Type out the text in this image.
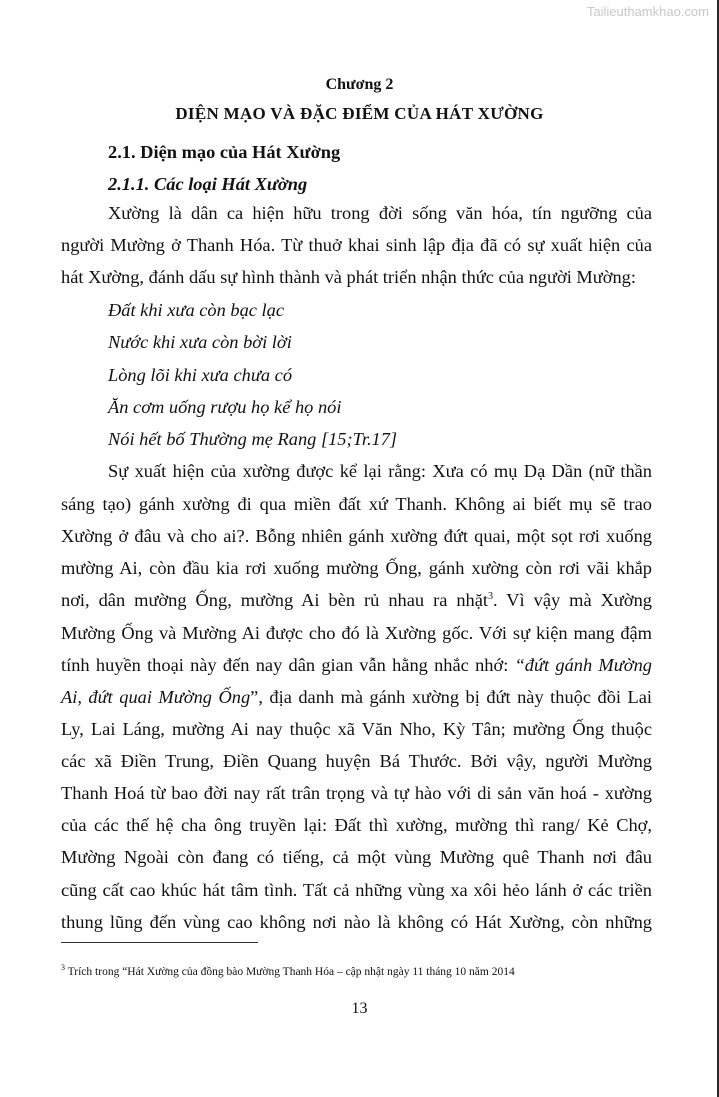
Tailieuthamkhao.com
Chương 2
DIỆN MẠO VÀ ĐẶC ĐIỂM CỦA HÁT XƯỜNG
2.1. Diện mạo của Hát Xường
2.1.1. Các loại Hát Xường
Xường là dân ca hiện hữu trong đời sống văn hóa, tín ngưỡng của
người Mường ở Thanh Hóa. Từ thuở khai sinh lập địa đã có sự xuất hiện của
hát Xường, đánh dấu sự hình thành và phát triển nhận thức của người Mường:
Đất khi xưa còn bạc lạc
Nước khi xưa còn bời lời
Lòng lõi khi xưa chưa có
Ăn cơm uống rượu họ kể họ nói
Nói hết bố Thường mẹ Rang [15;Tr.17]
Sự xuất hiện của xường được kể lại rằng: Xưa có mụ Dạ Dần (nữ thần
sáng tạo) gánh xường đi qua miền đất xứ Thanh. Không ai biết mụ sẽ trao
Xường ở đâu và cho ai?. Bỗng nhiên gánh xường đứt quai, một sọt rơi xuống
mường Ai, còn đầu kia rơi xuống mường Ống, gánh xường còn rơi vãi khắp
nơi, dân mường Ống, mường Ai bèn rủ nhau ra nhặt$^3$. Vì vậy mà Xường
Mường Ống và Mường Ai được cho đó là Xường gốc. Với sự kiện mang đậm
tính huyền thoại này đến nay dân gian vẫn hằng nhắc nhớ: “đứt gánh Mường
Ai, đứt quai Mường Ống”, địa danh mà gánh xường bị đứt này thuộc đồi Lai
Ly, Lai Láng, mường Ai nay thuộc xã Văn Nho, Kỳ Tân; mường Ống thuộc
các xã Điền Trung, Điền Quang huyện Bá Thước. Bởi vậy, người Mường
Thanh Hoá từ bao đời nay rất trân trọng và tự hào với di sản văn hoá - xường
của các thế hệ cha ông truyền lại: Đất thì xường, mường thì rang/ Kẻ Chợ,
Mường Ngoài còn đang có tiếng, cả một vùng Mường quê Thanh nơi đâu
cũng cất cao khúc hát tâm tình. Tất cả những vùng xa xôi hẻo lánh ở các triền
thung lũng đến vùng cao không nơi nào là không có Hát Xường, còn những
$^3$ Trích trong “Hát Xường của đồng bào Mường Thanh Hóa – cập nhật ngày 11 tháng 10 năm 2014
13
